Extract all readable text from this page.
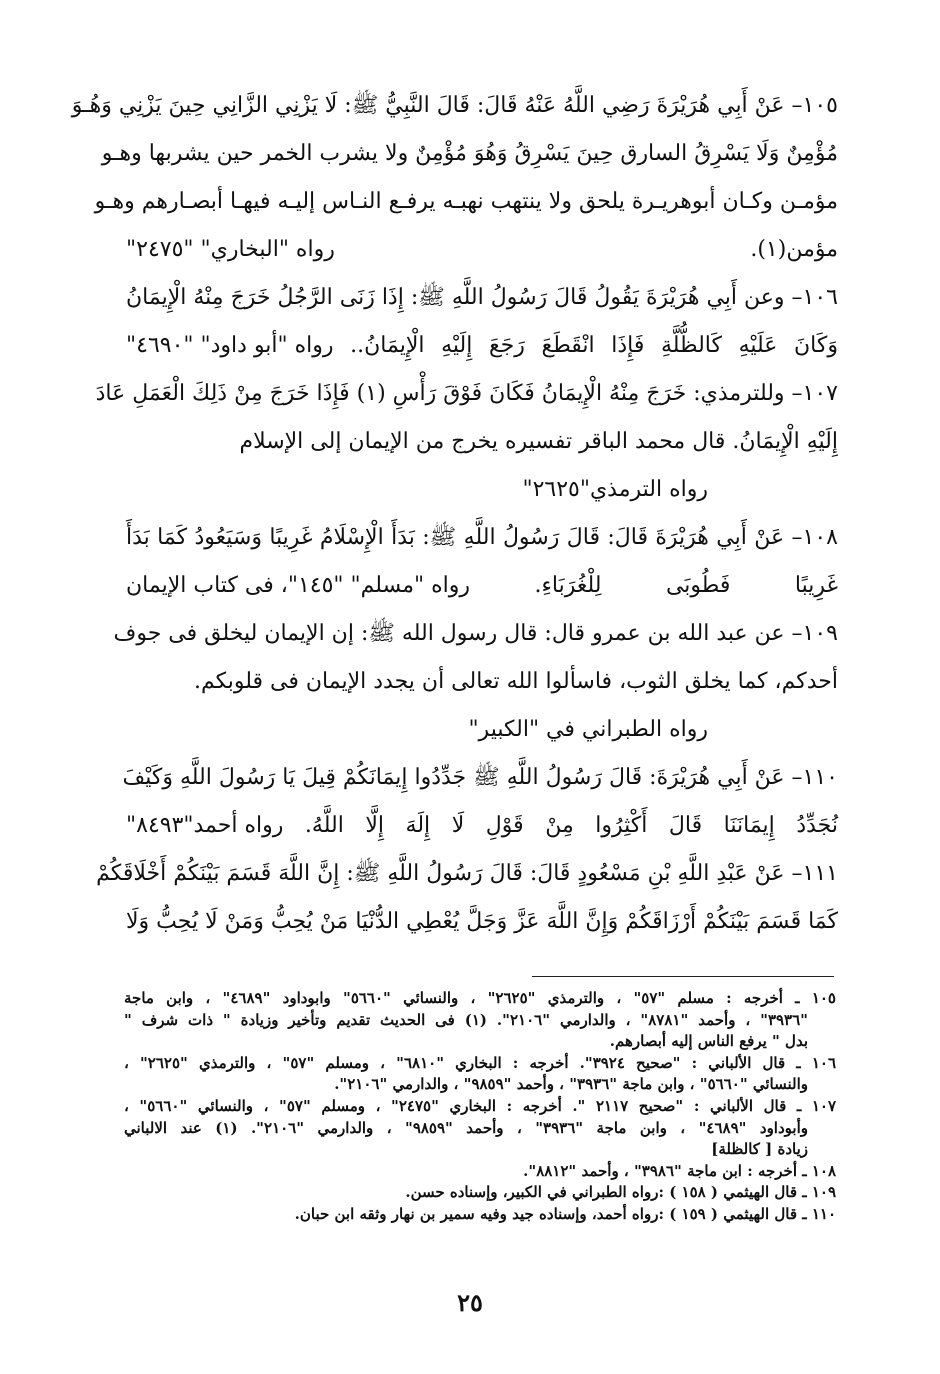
١٠٥– عَنْ أَبِي هُرَيْرَةَ رَضِي اللَّهُ عَنْهُ قَالَ: قَالَ النَّبِيُّ ﷺ: لَا يَزْنِي الزَّانِي حِينَ يَزْنِي وَهُـوَ
مُؤْمِنٌ وَلَا يَسْرِقُ السارق حِينَ يَسْرِقُ وَهُوَ مُؤْمِنٌ ولا يشرب الخمر حين يشربها وهـو
مؤمـن وكـان أبوهريـرة يلحق ولا ينتهب نهبـه يرفـع النـاس إليـه فيهـا أبصـارهم وهـو
مؤمن(١). رواه "البخاري" "٢٤٧٥"
١٠٦– وعن أَبِي هُرَيْرَةَ يَقُولُ قَالَ رَسُولُ اللَّهِ ﷺ: إِذَا زَنَى الرَّجُلُ خَرَجَ مِنْهُ الْإِيمَانُ
وَكَانَ عَلَيْهِ كَالظُّلَّةِ فَإِذَا انْقَطَعَ رَجَعَ إِلَيْهِ الْإِيمَانُ.. رواه "أبو داود" "٤٦٩٠"
١٠٧– وللترمذي: خَرَجَ مِنْهُ الْإِيمَانُ فَكَانَ فَوْقَ رَأْسِ (١) فَإِذَا خَرَجَ مِنْ ذَلِكَ الْعَمَلِ عَادَ
إِلَيْهِ الْإِيمَانُ. قال محمد الباقر تفسيره يخرج من الإيمان إلى الإسلام
رواه الترمذي"٢٦٢٥"
١٠٨– عَنْ أَبِي هُرَيْرَةَ قَالَ: قَالَ رَسُولُ اللَّهِ ﷺ: بَدَأَ الْإِسْلَامُ غَرِيبًا وَسَيَعُودُ كَمَا بَدَأَ
غَرِيبًا فَطُوبَى لِلْغُرَبَاءِ. رواه "مسلم" "١٤٥"، فى كتاب الإيمان
١٠٩– عن عبد الله بن عمرو قال: قال رسول الله ﷺ: إن الإيمان ليخلق فى جوف
أحدكم، كما يخلق الثوب، فاسألوا الله تعالى أن يجدد الإيمان فى قلوبكم.
رواه الطبراني في "الكبير"
١١٠– عَنْ أَبِي هُرَيْرَةَ: قَالَ رَسُولُ اللَّهِ ﷺ جَدِّدُوا إِيمَانَكُمْ قِيلَ يَا رَسُولَ اللَّهِ وَكَيْفَ
نُجَدِّدُ إِيمَانَنَا قَالَ أَكْثِرُوا مِنْ قَوْلِ لَا إِلَهَ إِلَّا اللَّهُ. رواه أحمد"٨٤٩٣"
١١١– عَنْ عَبْدِ اللَّهِ بْنِ مَسْعُودٍ قَالَ: قَالَ رَسُولُ اللَّهِ ﷺ: إِنَّ اللَّهَ قَسَمَ بَيْنَكُمْ أَخْلَاقَكُمْ
كَمَا قَسَمَ بَيْنَكُمْ أَرْزَاقَكُمْ وَإِنَّ اللَّهَ عَزَّ وَجَلَّ يُعْطِي الدُّنْيَا مَنْ يُحِبُّ وَمَنْ لَا يُحِبُّ وَلَا
١٠٥ ـ أخرجه : مسلم "٥٧" ، والترمذي "٢٦٢٥" ، والنسائي "٥٦٦٠" وابوداود "٤٦٨٩" ، وابن ماجة
"٣٩٣٦" ، وأحمد "٨٧٨١" ، والدارمي "٢١٠٦". (١) فى الحديث تقديم وتأخير وزيادة " ذات شرف "
بدل " يرفع الناس إليه أبصارهم.
١٠٦ ـ قال الألباني : "صحيح ٣٩٢٤". أخرجه : البخاري "٦٨١٠" ، ومسلم "٥٧" ، والترمذي "٢٦٢٥" ،
والنسائي "٥٦٦٠" ، وابن ماجة "٣٩٣٦" ، وأحمد "٩٨٥٩" ، والدارمي "٢١٠٦".
١٠٧ ـ قال الألباني : "صحيح ٢١١٧ ". أخرجه : البخاري "٢٤٧٥" ، ومسلم "٥٧" ، والنسائي "٥٦٦٠" ،
وأبوداود "٤٦٨٩" ، وابن ماجة "٣٩٣٦" ، وأحمد "٩٨٥٩" ، والدارمي "٢١٠٦". (١) عند الالباني
زيادة [ كالظلة]
١٠٨ ـ أخرجه : ابن ماجة "٣٩٨٦" ، وأحمد "٨٨١٢".
١٠٩ ـ قال الهيثمي ( ١٥٨ ) :رواه الطبراني في الكبير، وإسناده حسن.
١١٠ ـ قال الهيثمي ( ١٥٩ ) :رواه أحمد، وإسناده جيد وفيه سمير بن نهار وثقه ابن حبان.
٢٥
